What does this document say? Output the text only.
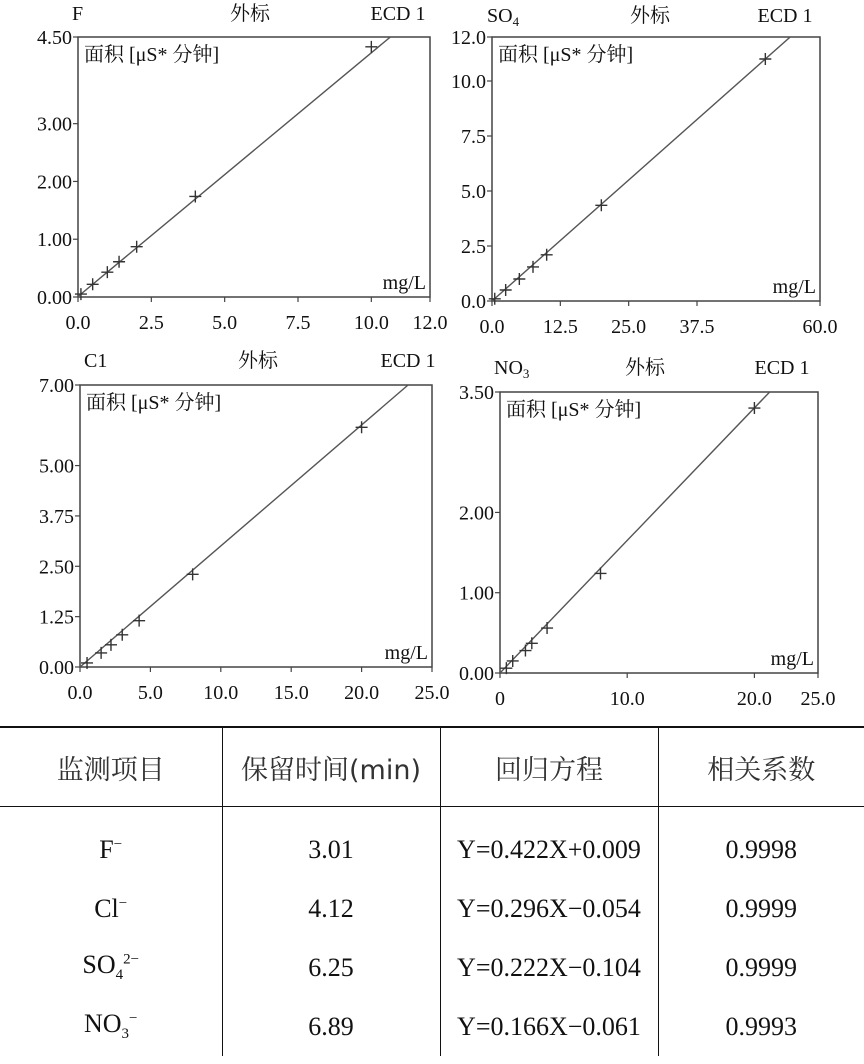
0.00
1.00
2.00
3.00
4.50
0.0 2.5 5.0 7.5 10.0 12.0
面积 [μS* 分钟]
mg/L
外标	ECD 1
F
0.0
2.5
5.0
7.5
10.0
12.0
0.0 12.5 25.0 37.5	60.0
面积 [μS* 分钟]
mg/L
外标	ECD 1
$SO_4$
0.00
1.25
2.50
3.75
5.00
7.00
0.0 5.0 10.0 15.0 20.0 25.0
面积 [μS* 分钟]
mg/L
外标	ECD 1
C1
0.00
1.00
2.00
3.50
0	10.0	20.0 25.0
面积 [μS* 分钟]
mg/L
外标	ECD 1
$NO_3$
监测项目	保留时间(min)	回归方程	相关系数
F−	3.01	Y=0.422X+0.009	0.9998
Cl−	4.12	Y=0.296X−0.054	0.9999
$SO_4^{2-}$	6.25	Y=0.222X−0.104	0.9999
$NO_3^-$	6.89	Y=0.166X−0.061	0.9993
